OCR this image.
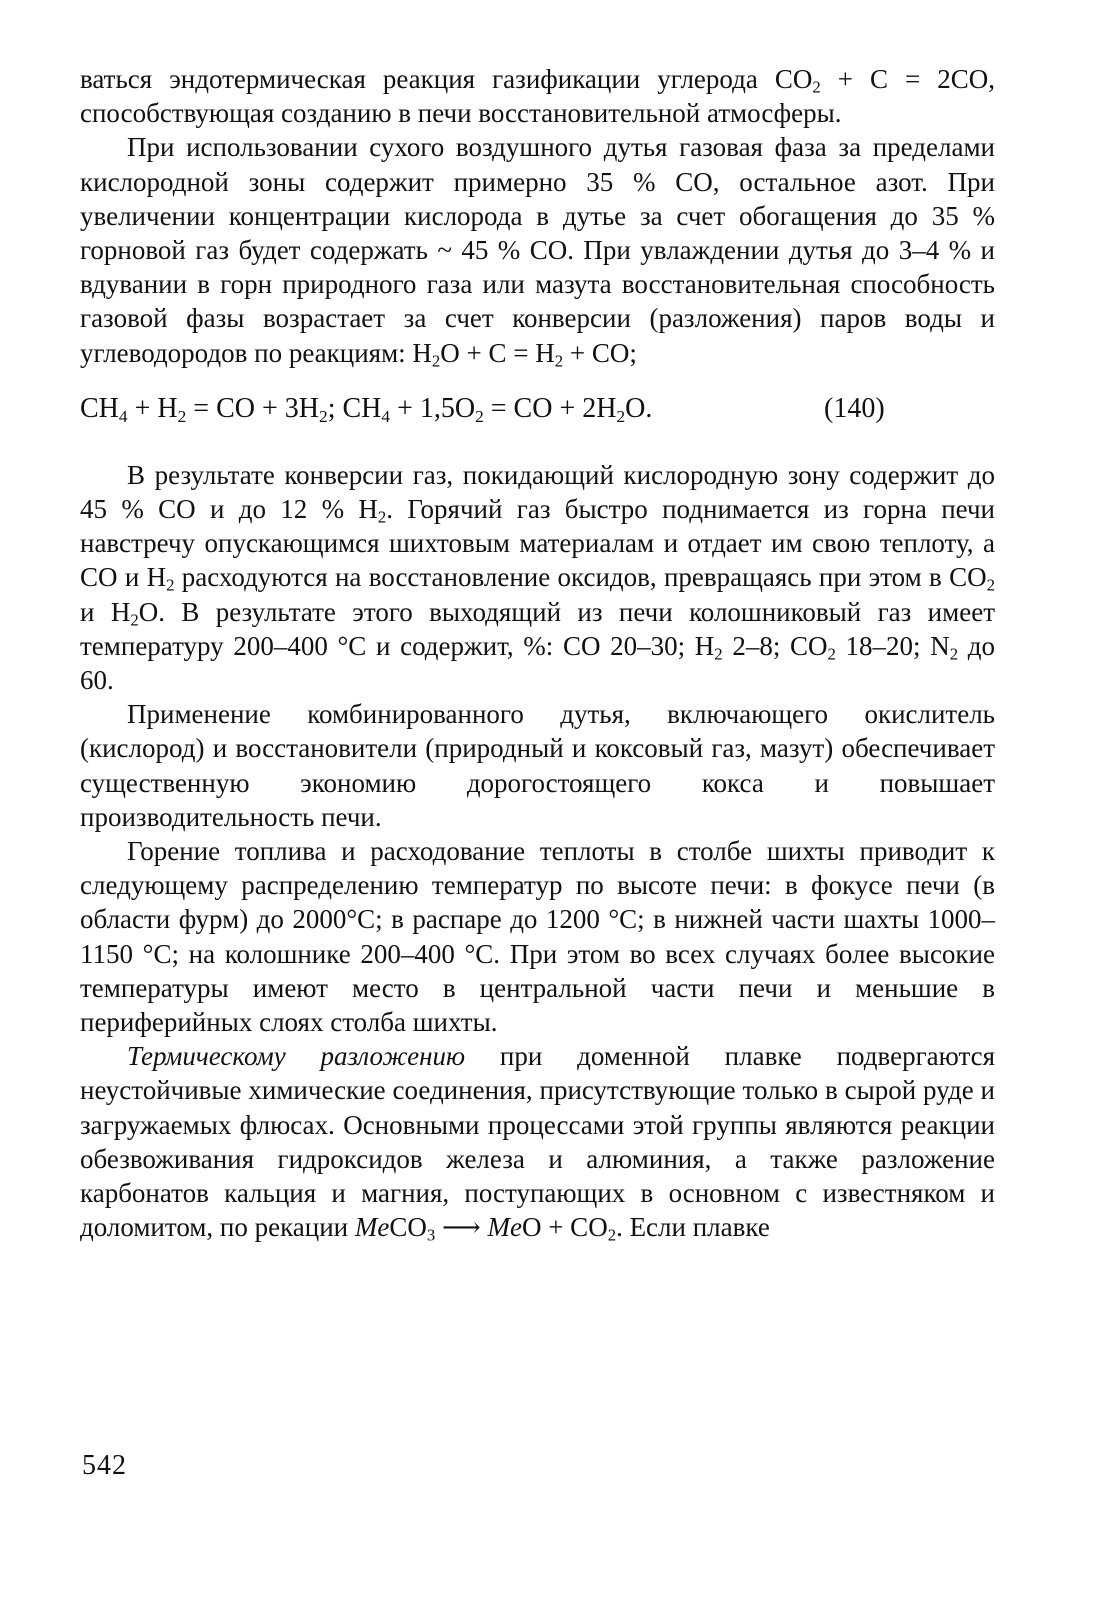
ваться эндотермическая реакция газификации углерода $CO_2 + C = 2CO$, способствующая созданию в печи восстановительной атмосферы.

При использовании сухого воздушного дутья газовая фаза за пределами кислородной зоны содержит примерно 35 % CO, остальное азот. При увеличении концентрации кислорода в дутье за счет обогащения до 35 % горновой газ будет содержать ~ 45 % CO. При увлаждении дутья до 3–4 % и вдувании в горн природного газа или мазута восстановительная способность газовой фазы возрастает за счет конверсии (разложения) паров воды и углеводородов по реакциям: $H_2O + C = H_2$ + CO;

$CH_4 + H_2$ = CO + $3H_2$; $CH_4 + 1,5O_2$ = CO + $2H_2O$.	(140)

В результате конверсии газ, покидающий кислородную зону содержит до 45 % CO и до 12 % $H_2$. Горячий газ быстро поднимается из горна печи навстречу опускающимся шихтовым материалам и отдает им свою теплоту, а CO и $H_2$ расходуются на восстановление оксидов, превращаясь при этом в $CO_2$ и $H_2O$. В результате этого выходящий из печи колошниковый газ имеет температуру 200–400 °C и содержит, %: CO 20–30; $H_2$ 2–8; $CO_2$ 18–20; $N_2$ до 60.

Применение комбинированного дутья, включающего окислитель (кислород) и восстановители (природный и коксовый газ, мазут) обеспечивает существенную экономию дорогостоящего кокса и повышает производительность печи.

Горение топлива и расходование теплоты в столбе шихты приводит к следующему распределению температур по высоте печи: в фокусе печи (в области фурм) до 2000°C; в распаре до 1200 °C; в нижней части шахты 1000–1150 °C; на колошнике 200–400 °C. При этом во всех случаях более высокие температуры имеют место в центральной части печи и меньшие в периферийных слоях столба шихты.

Термическому разложению при доменной плавке подвергаются неустойчивые химические соединения, присутствующие только в сырой руде и загружаемых флюсах. Основными процессами этой группы являются реакции обезвоживания гидроксидов железа и алюминия, а также разложение карбонатов кальция и магния, поступающих в основном с известняком и доломитом, по рекации MeCO$_3$ ⟶ MeO + $CO_2$. Если плавке

542
